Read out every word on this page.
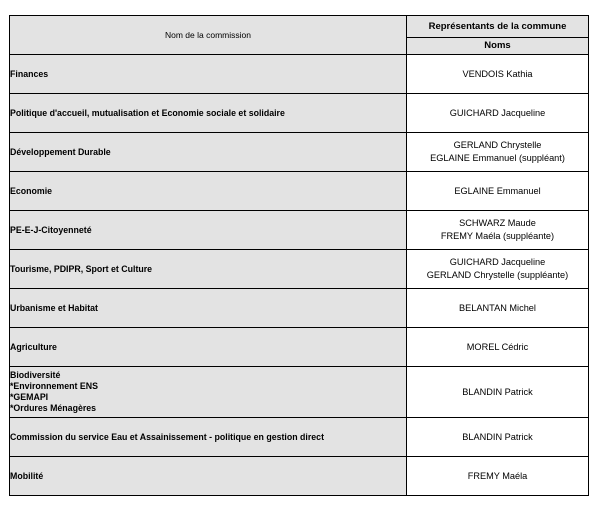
Nom de la commission	Représentants de la commune
	Noms

Finances	VENDOIS Kathia

Politique d'accueil, mutualisation et Economie sociale et solidaire	GUICHARD Jacqueline

Développement Durable	GERLAND Chrystelle
EGLAINE Emmanuel (suppléant)

Economie	EGLAINE Emmanuel

PE-E-J-Citoyenneté	SCHWARZ Maude
FREMY Maéla (suppléante)

Tourisme, PDIPR, Sport et Culture	GUICHARD Jacqueline
GERLAND Chrystelle (suppléante)

Urbanisme et Habitat	BELANTAN Michel

Agriculture	MOREL Cédric

Biodiversité
*Environnement ENS
*GEMAPI
*Ordures Ménagères	BLANDIN Patrick

Commission du service Eau et Assainissement - politique en gestion direct	BLANDIN Patrick

Mobilité	FREMY Maéla
